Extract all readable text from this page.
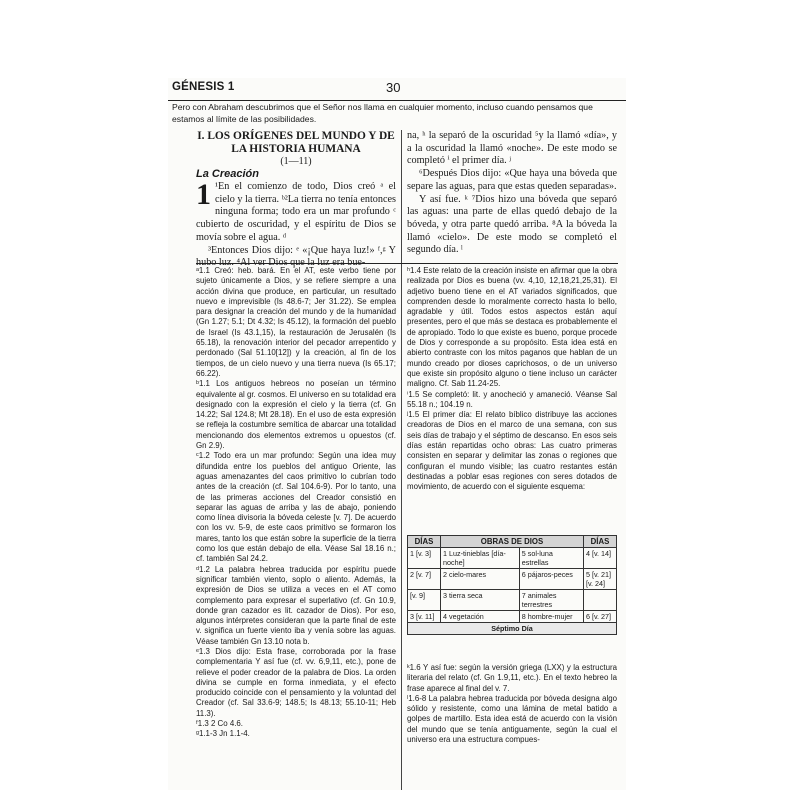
GÉNESIS 1	30
Pero con Abraham descubrimos que el Señor nos llama en cualquier momento, incluso cuando pensamos que estamos al límite de las posibilidades.

I. LOS ORÍGENES DEL MUNDO Y DE LA HISTORIA HUMANA

(1—11)

La Creación

1 ¹En el comienzo de todo, Dios creó ᵃ el cielo y la tierra. ᵇ²La tierra no tenía entonces ninguna forma; todo era un mar profundo ᶜ cubierto de oscuridad, y el espíritu de Dios se movía sobre el agua. ᵈ

³Entonces Dios dijo: ᵉ «¡Que haya luz!» ᶠ,ᵍ Y hubo luz. ⁴Al ver Dios que la luz era bue-

na, ʰ la separó de la oscuridad ⁵y la llamó «día», y a la oscuridad la llamó «noche». De este modo se completó ⁱ el primer día. ʲ

⁶Después Dios dijo: «Que haya una bóveda que separe las aguas, para que estas queden separadas».

Y así fue. ᵏ ⁷Dios hizo una bóveda que separó las aguas: una parte de ellas quedó debajo de la bóveda, y otra parte quedó arriba. ⁸A la bóveda la llamó «cielo». De este modo se completó el segundo día. ˡ

ᵃ1.1 Creó: heb. bará. En el AT, este verbo tiene por sujeto únicamente a Dios, y se refiere siempre a una acción divina que produce, en particular, un resultado nuevo e imprevisible (Is 48.6-7; Jer 31.22). Se emplea para designar la creación del mundo y de la humanidad (Gn 1.27; 5.1; Dt 4.32; Is 45.12), la formación del pueblo de Israel (Is 43.1,15), la restauración de Jerusalén (Is 65.18), la renovación interior del pecador arrepentido y perdonado (Sal 51.10[12]) y la creación, al fin de los tiempos, de un cielo nuevo y una tierra nueva (Is 65.17; 66.22).

ᵇ1.1 Los antiguos hebreos no poseían un término equivalente al gr. cosmos. El universo en su totalidad era designado con la expresión el cielo y la tierra (cf. Gn 14.22; Sal 124.8; Mt 28.18). En el uso de esta expresión se refleja la costumbre semítica de abarcar una totalidad mencionando dos elementos extremos u opuestos (cf. Gn 2.9).

ᶜ1.2 Todo era un mar profundo: Según una idea muy difundida entre los pueblos del antiguo Oriente, las aguas amenazantes del caos primitivo lo cubrían todo antes de la creación (cf. Sal 104.6-9). Por lo tanto, una de las primeras acciones del Creador consistió en separar las aguas de arriba y las de abajo, poniendo como línea divisoria la bóveda celeste [v. 7]. De acuerdo con los vv. 5-9, de este caos primitivo se formaron los mares, tanto los que están sobre la superficie de la tierra como los que están debajo de ella. Véase Sal 18.16 n.; cf. también Sal 24.2.

ᵈ1.2 La palabra hebrea traducida por espíritu puede significar también viento, soplo o aliento. Además, la expresión de Dios se utiliza a veces en el AT como complemento para expresar el superlativo (cf. Gn 10.9, donde gran cazador es lit. cazador de Dios). Por eso, algunos intérpretes consideran que la parte final de este v. significa un fuerte viento iba y venía sobre las aguas. Véase también Gn 13.10 nota b.

ᵉ1.3 Dios dijo: Esta frase, corroborada por la frase complementaria Y así fue (cf. vv. 6,9,11, etc.), pone de relieve el poder creador de la palabra de Dios. La orden divina se cumple en forma inmediata, y el efecto producido coincide con el pensamiento y la voluntad del Creador (cf. Sal 33.6-9; 148.5; Is 48.13; 55.10-11; Heb 11.3).

ᶠ1.3 2 Co 4.6.

ᵍ1.1-3 Jn 1.1-4.

ʰ1.4 Este relato de la creación insiste en afirmar que la obra realizada por Dios es buena (vv. 4,10, 12,18,21,25,31). El adjetivo bueno tiene en el AT variados significados, que comprenden desde lo moralmente correcto hasta lo bello, agradable y útil. Todos estos aspectos están aquí presentes, pero el que más se destaca es probablemente el de apropiado. Todo lo que existe es bueno, porque procede de Dios y corresponde a su propósito. Esta idea está en abierto contraste con los mitos paganos que hablan de un mundo creado por dioses caprichosos, o de un universo que existe sin propósito alguno o tiene incluso un carácter maligno. Cf. Sab 11.24-25.

ⁱ1.5 Se completó: lit. y anocheció y amaneció. Véanse Sal 55.18 n.; 104.19 n.

ʲ1.5 El primer día: El relato bíblico distribuye las acciones creadoras de Dios en el marco de una semana, con sus seis días de trabajo y el séptimo de descanso. En esos seis días están repartidas ocho obras: Las cuatro primeras consisten en separar y delimitar las zonas o regiones que configuran el mundo visible; las cuatro restantes están destinadas a poblar esas regiones con seres dotados de movimiento, de acuerdo con el siguiente esquema:

DÍAS	OBRAS DE DIOS		DÍAS
1 [v. 3]	1 Luz-tinieblas [día-noche]	5 sol-luna estrellas	4 [v. 14]
2 [v. 7]	2 cielo-mares	6 pájaros-peces	5 [v. 21] [v. 24]
[v. 9]	3 tierra seca	7 animales terrestres	
3 [v. 11]	4 vegetación	8 hombre-mujer	6 [v. 27]
Séptimo Día			

ᵏ1.6 Y así fue: según la versión griega (LXX) y la estructura literaria del relato (cf. Gn 1.9,11, etc.). En el texto hebreo la frase aparece al final del v. 7.

ˡ1.6-8 La palabra hebrea traducida por bóveda designa algo sólido y resistente, como una lámina de metal batido a golpes de martillo. Esta idea está de acuerdo con la visión del mundo que se tenía antiguamente, según la cual el universo era una estructura compues-
